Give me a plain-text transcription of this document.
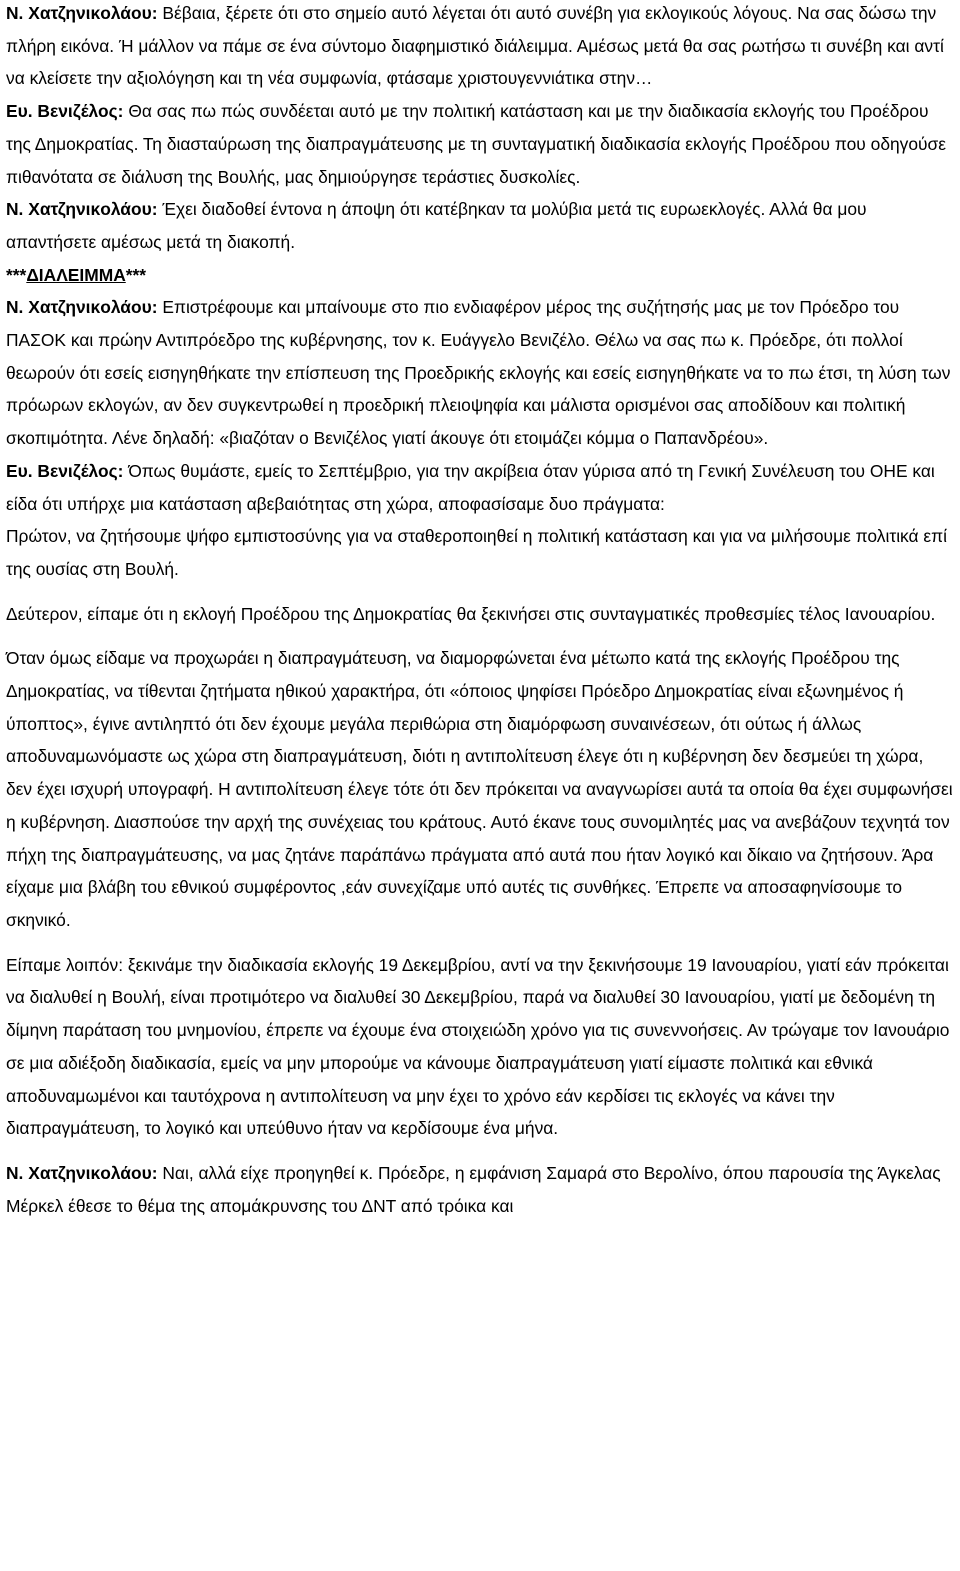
Ν. Χατζηνικoλάου: Βέβαια, ξέρετε ότι στο σημείο αυτό λέγεται ότι αυτό συνέβη για εκλογικούς λόγους. Να σας δώσω την πλήρη εικόνα. Ή μάλλον να πάμε σε ένα σύντομο διαφημιστικό διάλειμμα. Αμέσως μετά θα σας ρωτήσω τι συνέβη και αντί να κλείσετε την αξιολόγηση και τη νέα συμφωνία, φτάσαμε χριστουγεννιάτικα στην…

Ευ. Βενιζέλος: Θα σας πω πώς συνδέεται αυτό με την πολιτική κατάσταση και με την διαδικασία εκλογής του Προέδρου της Δημοκρατίας. Τη διασταύρωση της διαπραγμάτευσης με τη συνταγματική διαδικασία εκλογής Προέδρου που οδηγούσε πιθανότατα σε διάλυση της Βουλής, μας δημιούργησε τεράστιες δυσκολίες.

Ν. Χατζηνικoλάου: Έχει διαδοθεί έντονα η άποψη ότι κατέβηκαν τα μολύβια μετά τις ευρωεκλογές. Αλλά θα μου απαντήσετε αμέσως μετά τη διακοπή.

***ΔΙΑΛΕΙΜΜΑ***

Ν. Χατζηνικoλάου: Επιστρέφουμε και μπαίνουμε στο πιο ενδιαφέρον μέρος της συζήτησής μας με τον Πρόεδρο του ΠΑΣΟΚ και πρώην Αντιπρόεδρο της κυβέρνησης, τον κ. Ευάγγελο Βενιζέλο. Θέλω να σας πω κ. Πρόεδρε, ότι πολλοί θεωρούν ότι εσείς εισηγηθήκατε την επίσπευση της Προεδρικής εκλογής και εσείς εισηγηθήκατε να το πω έτσι, τη λύση των πρόωρων εκλογών, αν δεν συγκεντρωθεί η προεδρική πλειοψηφία και μάλιστα ορισμένοι σας αποδίδουν και πολιτική σκοπιμότητα. Λένε δηλαδή: «βιαζόταν ο Βενιζέλος γιατί άκουγε ότι ετοιμάζει κόμμα ο Παπανδρέου».

Ευ. Βενιζέλος: Όπως θυμάστε, εμείς το Σεπτέμβριο, για την ακρίβεια όταν γύρισα από τη Γενική Συνέλευση του ΟΗΕ και είδα ότι υπήρχε μια κατάσταση αβεβαιότητας στη χώρα, αποφασίσαμε δυο πράγματα:

Πρώτον, να ζητήσουμε ψήφο εμπιστοσύνης για να σταθεροποιηθεί η πολιτική κατάσταση και για να μιλήσουμε πολιτικά επί της ουσίας στη Βουλή.

Δεύτερον, είπαμε ότι η εκλογή Προέδρου της Δημοκρατίας θα ξεκινήσει στις συνταγματικές προθεσμίες τέλος Ιανουαρίου.

Όταν όμως είδαμε να προχωράει η διαπραγμάτευση, να διαμορφώνεται ένα μέτωπο κατά της εκλογής Προέδρου της Δημοκρατίας, να τίθενται ζητήματα ηθικού χαρακτήρα, ότι «όποιος ψηφίσει Πρόεδρο Δημοκρατίας είναι εξωνημένος ή ύποπτος», έγινε αντιληπτό ότι δεν έχουμε μεγάλα περιθώρια στη διαμόρφωση συναινέσεων, ότι ούτως ή άλλως αποδυναμωνόμαστε ως χώρα στη διαπραγμάτευση, διότι η αντιπολίτευση έλεγε ότι η κυβέρνηση δεν δεσμεύει τη χώρα, δεν έχει ισχυρή υπογραφή. Η αντιπολίτευση έλεγε τότε ότι δεν πρόκειται να αναγνωρίσει αυτά τα οποία θα έχει συμφωνήσει η κυβέρνηση. Διασπούσε την αρχή της συνέχειας του κράτους. Αυτό έκανε τους συνομιλητές μας να ανεβάζουν τεχνητά τον πήχη της διαπραγμάτευσης, να μας ζητάνε παράπάνω πράγματα από αυτά που ήταν λογικό και δίκαιο να ζητήσουν. Άρα είχαμε μια βλάβη του εθνικού συμφέροντος ,εάν συνεχίζαμε υπό αυτές τις συνθήκες. Έπρεπε να αποσαφηνίσουμε το σκηνικό.

Είπαμε λοιπόν: ξεκινάμε την διαδικασία εκλογής 19 Δεκεμβρίου, αντί να την ξεκινήσουμε 19 Ιανουαρίου, γιατί εάν πρόκειται να διαλυθεί η Βουλή, είναι προτιμότερο να διαλυθεί 30 Δεκεμβρίου, παρά να διαλυθεί 30 Ιανουαρίου, γιατί με δεδομένη τη δίμηνη παράταση του μνημονίου, έπρεπε να έχουμε ένα στοιχειώδη χρόνο για τις συνεννοήσεις. Αν τρώγαμε τον Ιανουάριο σε μια αδιέξοδη διαδικασία, εμείς να μην μπορούμε να κάνουμε διαπραγμάτευση γιατί είμαστε πολιτικά και εθνικά αποδυναμωμένοι και ταυτόχρονα η αντιπολίτευση να μην έχει το χρόνο εάν κερδίσει τις εκλογές να κάνει την διαπραγμάτευση, το λογικό και υπεύθυνο ήταν να κερδίσουμε ένα μήνα.

Ν. Χατζηνικoλάου: Ναι, αλλά είχε προηγηθεί κ. Πρόεδρε, η εμφάνιση Σαμαρά στο Βερολίνο, όπου παρουσία της Άγκελας Μέρκελ έθεσε το θέμα της απομάκρυνσης του ΔΝΤ από τρόικα και
